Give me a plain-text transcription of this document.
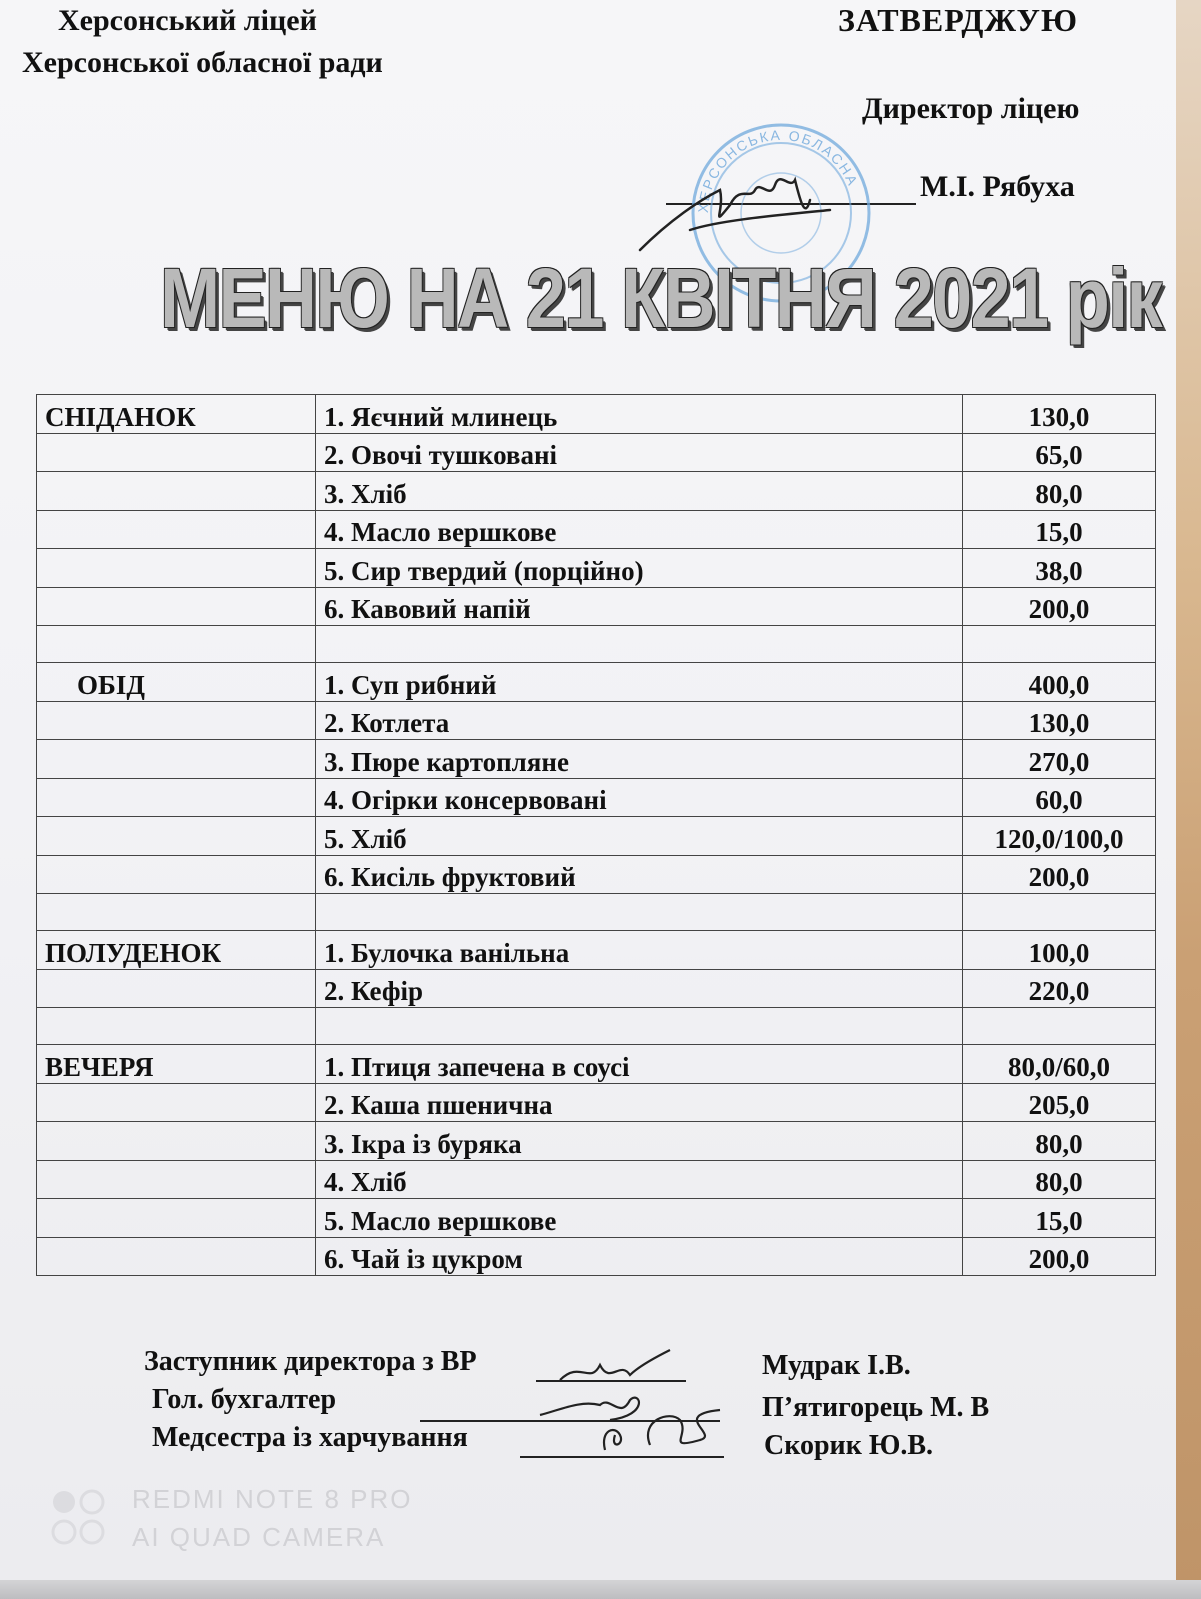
Херсонський ліцей
Херсонської обласної ради
ЗАТВЕРДЖУЮ
Директор ліцею
М.І. Рябуха
ХЕРСОНСЬКА ОБЛАСНА
МЕНЮ НА 21 КВІТНЯ 2021 рік
СНІДАНОК	1. Яєчний млинець	130,0
	2. Овочі тушковані	65,0
	3. Хліб	80,0
	4. Масло вершкове	15,0
	5. Сир твердий (порційно)	38,0
	6. Кавовий напій	200,0

ОБІД	1. Суп рибний	400,0
	2. Котлета	130,0
	3. Пюре картопляне	270,0
	4. Огірки консервовані	60,0
	5. Хліб	120,0/100,0
	6. Кисіль фруктовий	200,0

ПОЛУДЕНОК	1. Булочка ванільна	100,0
	2. Кефір	220,0

ВЕЧЕРЯ	1. Птиця запечена в соусі	80,0/60,0
	2. Каша пшенична	205,0
	3. Ікра із буряка	80,0
	4. Хліб	80,0
	5. Масло вершкове	15,0
	6. Чай із цукром	200,0
Заступник директора з ВР	Мудрак І.В.
Гол. бухгалтер	П’ятигорець М. В
Медсестра із харчування	Скорик Ю.В.
REDMI NOTE 8 PRO
AI QUAD CAMERA
